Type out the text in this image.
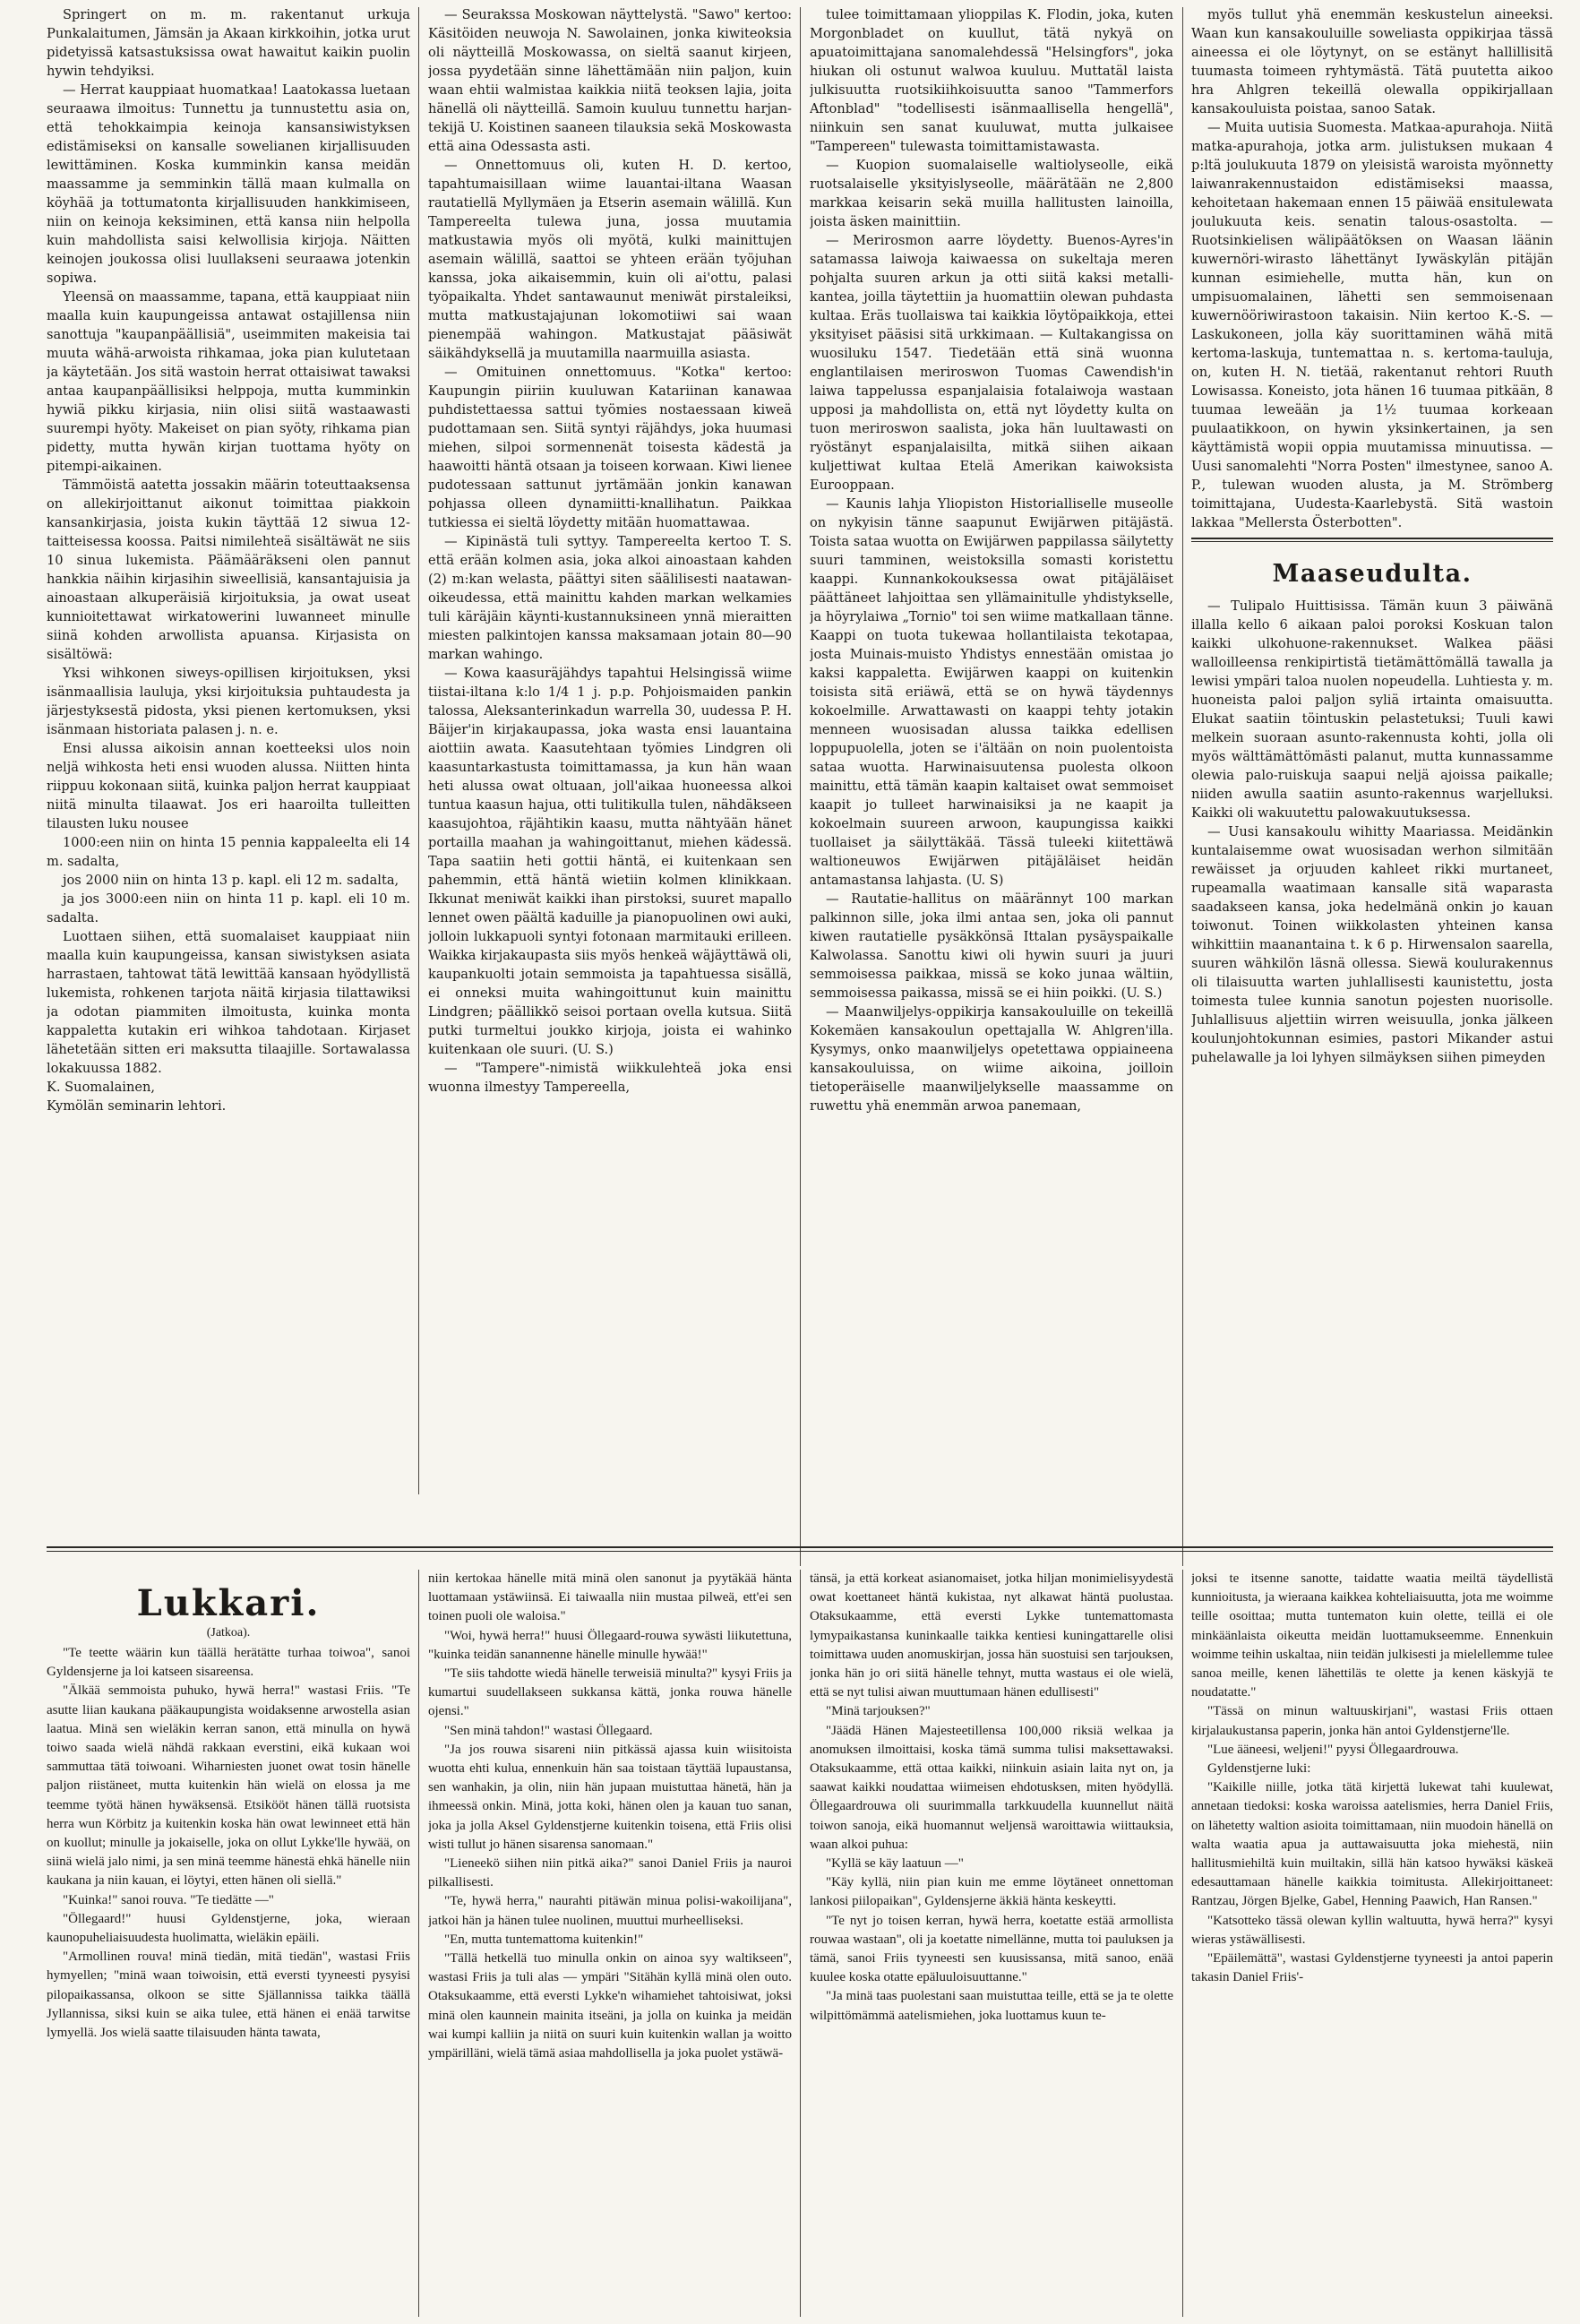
Springert on m. m. rakentanut urkuja Punkalaitumen, Jämsän ja Akaan kirkkoihin, jotka urut pidetyissä katsastuksissa owat hawaitut kaikin puolin hywin tehdyiksi.

— Herrat kauppiaat huomatkaa! Laatokassa luetaan seuraawa ilmoitus: Tunnettu ja tunnustettu asia on, että tehokkaimpia keinoja kansansiwistyksen edistämiseksi on kansalle sowelianen kirjallisuuden lewittäminen. Koska kumminkin kansa meidän maassamme ja semminkin tällä maan kulmalla on köyhää ja tottumatonta kirjallisuuden hankkimiseen, niin on keinoja keksiminen, että kansa niin helpolla kuin mahdollista saisi kelwollisia kirjoja. Näitten keinojen joukossa olisi luullakseni seuraawa jotenkin sopiwa.

Yleensä on maassamme, tapana, että kauppiaat niin maalla kuin kaupungeissa antawat ostajillensa niin sanottuja "kaupanpäällisiä", useimmiten makeisia tai muuta wähä-arwoista rihkamaa, joka pian kulutetaan ja käytetään. Jos sitä wastoin herrat ottaisiwat tawaksi antaa kaupanpäällisiksi helppoja, mutta kumminkin hywiä pikku kirjasia, niin olisi siitä wastaawasti suurempi hyöty. Makeiset on pian syöty, rihkama pian pidetty, mutta hywän kirjan tuottama hyöty on pitempi-aikainen.

Tämmöistä aatetta jossakin määrin toteuttaaksensa on allekirjoittanut aikonut toimittaa piakkoin kansankirjasia, joista kukin täyttää 12 siwua 12-taitteisessa koossa. Paitsi nimilehteä sisältäwät ne siis 10 sinua lukemista. Päämääräkseni olen pannut hankkia näihin kirjasihin siweellisiä, kansantajuisia ja ainoastaan alkuperäisiä kirjoituksia, ja owat useat kunnioitettawat wirkatowerini luwanneet minulle siinä kohden arwollista apuansa. Kirjasista on sisältöwä:

Yksi wihkonen siweys-opillisen kirjoituksen, yksi isänmaallisia lauluja, yksi kirjoituksia puhtaudesta ja järjestyksestä pidosta, yksi pienen kertomuksen, yksi isänmaan historiata palasen j. n. e.

Ensi alussa aikoisin annan koetteeksi ulos noin neljä wihkosta heti ensi wuoden alussa. Niitten hinta riippuu kokonaan siitä, kuinka paljon herrat kauppiaat niitä minulta tilaawat. Jos eri haaroilta tulleitten tilausten luku nousee

1000:een niin on hinta 15 pennia kappaleelta eli 14 m. sadalta,

jos 2000 niin on hinta 13 p. kapl. eli 12 m. sadalta,

ja jos 3000:een niin on hinta 11 p. kapl. eli 10 m. sadalta.

Luottaen siihen, että suomalaiset kauppiaat niin maalla kuin kaupungeissa, kansan siwistyksen asiata harrastaen, tahtowat tätä lewittää kansaan hyödyllistä lukemista, rohkenen tarjota näitä kirjasia tilattawiksi ja odotan piammiten ilmoitusta, kuinka monta kappaletta kutakin eri wihkoa tahdotaan. Kirjaset lähetetään sitten eri maksutta tilaajille. Sortawalassa lokakuussa 1882.

K. Suomalainen,

Kymölän seminarin lehtori.

— Seurakssa Moskowan näyttelystä. "Sawo" kertoo: Käsitöiden neuwoja N. Sawolainen, jonka kiwiteoksia oli näytteillä Moskowassa, on sieltä saanut kirjeen, jossa pyydetään sinne lähettämään niin paljon, kuin waan ehtii walmistaa kaikkia niitä teoksen lajia, joita hänellä oli näytteillä. Samoin kuuluu tunnettu harjan-tekijä U. Koistinen saaneen tilauksia sekä Moskowasta että aina Odessasta asti.

— Onnettomuus oli, kuten H. D. kertoo, tapahtumaisillaan wiime lauantai-iltana Waasan rautatiellä Myllymäen ja Etserin asemain wälillä. Kun Tampereelta tulewa juna, jossa muutamia matkustawia myös oli myötä, kulki mainittujen asemain wälillä, saattoi se yhteen erään työjuhan kanssa, joka aikaisemmin, kuin oli ai'ottu, palasi työpaikalta. Yhdet santawaunut meniwät pirstaleiksi, mutta matkustajajunan lokomotiiwi sai waan pienempää wahingon. Matkustajat pääsiwät säikähdyksellä ja muutamilla naarmuilla asiasta.

— Omituinen onnettomuus. "Kotka" kertoo: Kaupungin piiriin kuuluwan Katariinan kanawaa puhdistettaessa sattui työmies nostaessaan kiweä pudottamaan sen. Siitä syntyi räjähdys, joka huumasi miehen, silpoi sormennenät toisesta kädestä ja haawoitti häntä otsaan ja toiseen korwaan. Kiwi lienee pudotessaan sattunut jyrtämään jonkin kanawan pohjassa olleen dynamiitti-knallihatun. Paikkaa tutkiessa ei sieltä löydetty mitään huomattawaa.

— Kipinästä tuli syttyy. Tampereelta kertoo T. S. että erään kolmen asia, joka alkoi ainoastaan kahden (2) m:kan welasta, päättyi siten säälilisesti naatawan-oikeudessa, että mainittu kahden markan welkamies tuli käräjäin käynti-kustannuksineen ynnä mieraitten miesten palkintojen kanssa maksamaan jotain 80—90 markan wahingo.

— Kowa kaasuräjähdys tapahtui Helsingissä wiime tiistai-iltana k:lo 1/4 1 j. p.p. Pohjoismaiden pankin talossa, Aleksanterinkadun warrella 30, uudessa P. H. Bäijer'in kirjakaupassa, joka wasta ensi lauantaina aiottiin awata. Kaasutehtaan työmies Lindgren oli kaasuntarkastusta toimittamassa, ja kun hän waan heti alussa owat oltuaan, joll'aikaa huoneessa alkoi tuntua kaasun hajua, otti tulitikulla tulen, nähdäkseen kaasujohtoa, räjähtikin kaasu, mutta nähtyään hänet portailla maahan ja wahingoittanut, miehen kädessä. Tapa saatiin heti gottii häntä, ei kuitenkaan sen pahemmin, että häntä wietiin kolmen klinikkaan. Ikkunat meniwät kaikki ihan pirstoksi, suuret mapallo lennet owen päältä kaduille ja pianopuolinen owi auki, jolloin lukkapuoli syntyi fotonaan marmitauki erilleen. Waikka kirjakaupasta siis myös henkeä wäjäyttäwä oli, kaupankuolti jotain semmoista ja tapahtuessa sisällä, ei onneksi muita wahingoittunut kuin mainittu Lindgren; päällikkö seisoi portaan ovella kutsua. Siitä putki turmeltui joukko kirjoja, joista ei wahinko kuitenkaan ole suuri. (U. S.)

— "Tampere"-nimistä wiikkulehteä joka ensi wuonna ilmestyy Tampereella,

tulee toimittamaan ylioppilas K. Flodin, joka, kuten Morgonbladet on kuullut, tätä nykyä on apuatoimittajana sanomalehdessä "Helsingfors", joka hiukan oli ostunut walwoa kuuluu. Muttatäl laista julkisuutta ruotsikiihkoisuutta sanoo "Tammerfors Aftonblad" "todellisesti isänmaallisella hengellä", niinkuin sen sanat kuuluwat, mutta julkaisee "Tampereen" tulewasta toimittamistawasta.

— Kuopion suomalaiselle waltiolyseolle, eikä ruotsalaiselle yksityislyseolle, määrätään ne 2,800 markkaa keisarin sekä muilla hallitusten lainoilla, joista äsken mainittiin.

— Merirosmon aarre löydetty. Buenos-Ayres'in satamassa laiwoja kaiwaessa on sukeltaja meren pohjalta suuren arkun ja otti siitä kaksi metalli-kantea, joilla täytettiin ja huomattiin olewan puhdasta kultaa. Eräs tuollaiswa tai kaikkia löytöpaikkoja, ettei yksityiset pääsisi sitä urkkimaan. — Kultakangissa on wuosiluku 1547. Tiedetään että sinä wuonna englantilaisen meriroswon Tuomas Cawendish'in laiwa tappelussa espanjalaisia fotalaiwoja wastaan upposi ja mahdollista on, että nyt löydetty kulta on tuon meriroswon saalista, joka hän luultawasti on ryöstänyt espanjalaisilta, mitkä siihen aikaan kuljettiwat kultaa Etelä Amerikan kaiwoksista Eurooppaan.

— Kaunis lahja Yliopiston Historialliselle museolle on nykyisin tänne saapunut Ewijärwen pitäjästä. Toista sataa wuotta on Ewijärwen pappilassa säilytetty suuri tamminen, weistoksilla somasti koristettu kaappi. Kunnankokouksessa owat pitäjäläiset päättäneet lahjoittaa sen yllämainitulle yhdistykselle, ja höyrylaiwa „Tornio" toi sen wiime matkallaan tänne. Kaappi on tuota tukewaa hollantilaista tekotapaa, josta Muinais-muisto Yhdistys ennestään omistaa jo kaksi kappaletta. Ewijärwen kaappi on kuitenkin toisista sitä eriäwä, että se on hywä täydennys kokoelmille. Arwattawasti on kaappi tehty jotakin menneen wuosisadan alussa taikka edellisen loppupuolella, joten se i'ältään on noin puolentoista sataa wuotta. Harwinaisuutensa puolesta olkoon mainittu, että tämän kaapin kaltaiset owat semmoiset kaapit jo tulleet harwinaisiksi ja ne kaapit ja kokoelmain suureen arwoon, kaupungissa kaikki tuollaiset ja säilyttäkää. Tässä tuleeki kiitettäwä waltioneuwos Ewijärwen pitäjäläiset heidän antamastansa lahjasta. (U. S)

— Rautatie-hallitus on määrännyt 100 markan palkinnon sille, joka ilmi antaa sen, joka oli pannut kiwen rautatielle pysäkkönsä Ittalan pysäyspaikalle Kalwolassa. Sanottu kiwi oli hywin suuri ja juuri semmoisessa paikkaa, missä se koko junaa wältiin, semmoisessa paikassa, missä se ei hiin poikki. (U. S.)

— Maanwiljelys-oppikirja kansakouluille on tekeillä Kokemäen kansakoulun opettajalla W. Ahlgren'illa. Kysymys, onko maanwiljelys opetettawa oppiaineena kansakouluissa, on wiime aikoina, joilloin tietoperäiselle maanwiljelykselle maassamme on ruwettu yhä enemmän arwoa panemaan,

myös tullut yhä enemmän keskustelun aineeksi. Waan kun kansakouluille soweliasta oppikirjaa tässä aineessa ei ole löytynyt, on se estänyt hallillisitä tuumasta toimeen ryhtymästä. Tätä puutetta aikoo hra Ahlgren tekeillä olewalla oppikirjallaan kansakouluista poistaa, sanoo Satak.

— Muita uutisia Suomesta. Matkaa-apurahoja. Niitä matka-apurahoja, jotka arm. julistuksen mukaan 4 p:ltä joulukuuta 1879 on yleisistä waroista myönnetty laiwanrakennustaidon edistämiseksi maassa, kehoitetaan hakemaan ennen 15 päiwää ensitulewata joulukuuta keis. senatin talous-osastolta. — Ruotsinkielisen wälipäätöksen on Waasan läänin kuwernöri-wirasto lähettänyt Iywäskylän pitäjän kunnan esimiehelle, mutta hän, kun on umpisuomalainen, lähetti sen semmoisenaan kuwernööriwirastoon takaisin. Niin kertoo K.-S. — Laskukoneen, jolla käy suorittaminen wähä mitä kertoma-laskuja, tuntemattaa n. s. kertoma-tauluja, on, kuten H. N. tietää, rakentanut rehtori Ruuth Lowisassa. Koneisto, jota hänen 16 tuumaa pitkään, 8 tuumaa leweään ja 1½ tuumaa korkeaan puulaatikkoon, on hywin yksinkertainen, ja sen käyttämistä wopii oppia muutamissa minuutissa. — Uusi sanomalehti "Norra Posten" ilmestynee, sanoo A. P., tulewan wuoden alusta, ja M. Strömberg toimittajana, Uudesta-Kaarlebystä. Sitä wastoin lakkaa "Mellersta Österbotten".

Maaseudulta.

— Tulipalo Huittisissa. Tämän kuun 3 päiwänä illalla kello 6 aikaan paloi poroksi Koskuan talon kaikki ulkohuone-rakennukset. Walkea pääsi walloilleensa renkipirtistä tietämättömällä tawalla ja lewisi ympäri taloa nuolen nopeudella. Luhtiesta y. m. huoneista paloi paljon syliä irtainta omaisuutta. Elukat saatiin töintuskin pelastetuksi; Tuuli kawi melkein suoraan asunto-rakennusta kohti, jolla oli myös wälttämättömästi palanut, mutta kunnassamme olewia palo-ruiskuja saapui neljä ajoissa paikalle; niiden awulla saatiin asunto-rakennus warjelluksi. Kaikki oli wakuutettu palowakuutuksessa.

— Uusi kansakoulu wihitty Maariassa. Meidänkin kuntalaisemme owat wuosisadan werhon silmitään rewäisset ja orjuuden kahleet rikki murtaneet, rupeamalla waatimaan kansalle sitä waparasta saadakseen kansa, joka hedelmänä onkin jo kauan toiwonut. Toinen wiikkolasten yhteinen kansa wihkittiin maanantaina t. k 6 p. Hirwensalon saarella, suuren wähkilön läsnä ollessa. Siewä koulurakennus oli tilaisuutta warten juhlallisesti kaunistettu, josta toimesta tulee kunnia sanotun pojesten nuorisolle. Juhlallisuus aljettiin wirren weisuulla, jonka jälkeen koulunjohtokunnan esimies, pastori Mikander astui puhelawalle ja loi lyhyen silmäyksen siihen pimeyden

Lukkari.
(Jatkoa).

"Te teette wäärin kun täällä herätätte turhaa toiwoa", sanoi Gyldensjerne ja loi katseen sisareensa.

"Älkää semmoista puhuko, hywä herra!" wastasi Friis. "Te asutte liian kaukana pääkaupungista woidaksenne arwostella asian laatua. Minä sen wieläkin kerran sanon, että minulla on hywä toiwo saada wielä nähdä rakkaan everstini, eikä kukaan woi sammuttaa tätä toiwoani. Wiharniesten juonet owat tosin hänelle paljon riistäneet, mutta kuitenkin hän wielä on elossa ja me teemme työtä hänen hywäksensä. Etsikööt hänen tällä ruotsista herra wun Körbitz ja kuitenkin koska hän owat lewinneet että hän on kuollut; minulle ja jokaiselle, joka on ollut Lykke'lle hywää, on siinä wielä jalo nimi, ja sen minä teemme hänestä ehkä hänelle niin kaukana ja niin kauan, ei löytyi, etten hänen oli siellä."

"Kuinka!" sanoi rouva. "Te tiedätte —"

"Öllegaard!" huusi Gyldenstjerne, joka, wieraan kaunopuheliaisuudesta huolimatta, wieläkin epäili.

"Armollinen rouva! minä tiedän, mitä tiedän", wastasi Friis hymyellen; "minä waan toiwoisin, että eversti tyyneesti pysyisi pilopaikassansa, olkoon se sitte Själlannissa taikka täällä Jyllannissa, siksi kuin se aika tulee, että hänen ei enää tarwitse lymyellä. Jos wielä saatte tilaisuuden hänta tawata,

niin kertokaa hänelle mitä minä olen sanonut ja pyytäkää hänta luottamaan ystäwiinsä. Ei taiwaalla niin mustaa pilweä, ett'ei sen toinen puoli ole waloisa."

"Woi, hywä herra!" huusi Öllegaard-rouwa sywästi liikutettuna, "kuinka teidän sanannenne hänelle minulle hywää!"

"Te siis tahdotte wiedä hänelle terweisiä minulta?" kysyi Friis ja kumartui suudellakseen sukkansa kättä, jonka rouwa hänelle ojensi."

"Sen minä tahdon!" wastasi Öllegaard.

"Ja jos rouwa sisareni niin pitkässä ajassa kuin wiisitoista wuotta ehti kulua, ennenkuin hän saa toistaan täyttää lupaustansa, sen wanhakin, ja olin, niin hän jupaan muistuttaa hänetä, hän ja ihmeessä onkin. Minä, jotta koki, hänen olen ja kauan tuo sanan, joka ja jolla Aksel Gyldenstjerne kuitenkin toisena, että Friis olisi wisti tullut jo hänen sisarensa sanomaan."

"Lieneekö siihen niin pitkä aika?" sanoi Daniel Friis ja nauroi pilkallisesti.

"Te, hywä herra," naurahti pitäwän minua polisi-wakoilijana", jatkoi hän ja hänen tulee nuolinen, muuttui murheelliseksi.

"En, mutta tuntemattoma kuitenkin!"

"Tällä hetkellä tuo minulla onkin on ainoa syy waltikseen", wastasi Friis ja tuli alas — ympäri "Sitähän kyllä minä olen outo. Otaksukaamme, että eversti Lykke'n wihamiehet tahtoisiwat, joksi minä olen kaunnein mainita itseäni, ja jolla on kuinka ja meidän wai kumpi kalliin ja niitä on suuri kuin kuitenkin wallan ja woitto ympärilläni, wielä tämä asiaa mahdollisella ja joka puolet ystäwä-

tänsä, ja että korkeat asianomaiset, jotka hiljan monimielisyydestä owat koettaneet häntä kukistaa, nyt alkawat häntä puolustaa. Otaksukaamme, että eversti Lykke tuntemattomasta lymypaikastansa kuninkaalle taikka kentiesi kuningattarelle olisi toimittawa uuden anomuskirjan, jossa hän suostuisi sen tarjouksen, jonka hän jo ori siitä hänelle tehnyt, mutta wastaus ei ole wielä, että se nyt tulisi aiwan muuttumaan hänen edullisesti"

"Minä tarjouksen?"

"Jäädä Hänen Majesteetillensa 100,000 riksiä welkaa ja anomuksen ilmoittaisi, koska tämä summa tulisi maksettawaksi. Otaksukaamme, että ottaa kaikki, niinkuin asiain laita nyt on, ja saawat kaikki noudattaa wiimeisen ehdotusksen, miten hyödyllä. Öllegaardrouwa oli suurimmalla tarkkuudella kuunnellut näitä toiwon sanoja, eikä huomannut weljensä waroittawia wiittauksia, waan alkoi puhua:

"Kyllä se käy laatuun —"

"Käy kyllä, niin pian kuin me emme löytäneet onnettoman lankosi piilopaikan", Gyldensjerne äkkiä hänta keskeytti.

"Te nyt jo toisen kerran, hywä herra, koetatte estää armollista rouwaa wastaan", oli ja koetatte nimellänne, mutta toi pauluksen ja tämä, sanoi Friis tyyneesti sen kuusissansa, mitä sanoo, enää kuulee koska otatte epäluuloisuuttanne."

"Ja minä taas puolestani saan muistuttaa teille, että se ja te olette wilpittömämmä aatelismiehen, joka luottamus kuun te-

joksi te itsenne sanotte, taidatte waatia meiltä täydellistä kunnioitusta, ja wieraana kaikkea kohteliaisuutta, jota me woimme teille osoittaa; mutta tuntematon kuin olette, teillä ei ole minkäänlaista oikeutta meidän luottamukseemme. Ennenkuin woimme teihin uskaltaa, niin teidän julkisesti ja mielellemme tulee sanoa meille, kenen lähettiläs te olette ja kenen käskyjä te noudatatte."

"Tässä on minun waltuuskirjani", wastasi Friis ottaen kirjalaukustansa paperin, jonka hän antoi Gyldenstjerne'lle.

"Lue ääneesi, weljeni!" pyysi Öllegaardrouwa.

Gyldenstjerne luki:

"Kaikille niille, jotka tätä kirjettä lukewat tahi kuulewat, annetaan tiedoksi: koska waroissa aatelismies, herra Daniel Friis, on lähetetty waltion asioita toimittamaan, niin muodoin hänellä on walta waatia apua ja auttawaisuutta joka miehestä, niin hallitusmiehiltä kuin muiltakin, sillä hän katsoo hywäksi käskeä edesauttamaan hänelle kaikkia toimitusta. Allekirjoittaneet: Rantzau, Jörgen Bjelke, Gabel, Henning Paawich, Han Ransen."

"Katsotteko tässä olewan kyllin waltuutta, hywä herra?" kysyi wieras ystäwällisesti.

"Epäilemättä", wastasi Gyldenstjerne tyyneesti ja antoi paperin takasin Daniel Friis'-
